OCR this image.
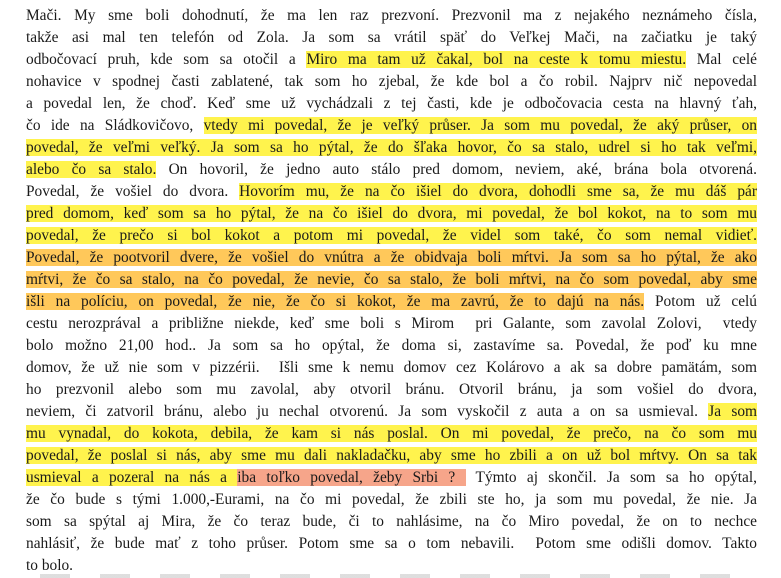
Mači. My sme boli dohodnutí, že ma len raz prezvoní. Prezvonil ma z nejakého neznámeho čísla,
takže asi mal ten telefón od Zola. Ja som sa vrátil späť do Veľkej Mači, na začiatku je taký
odbočovací pruh, kde som sa otočil a Miro ma tam už čakal, bol na ceste k tomu miestu. Mal celé
nohavice v spodnej časti zablatené, tak som ho zjebal, že kde bol a čo robil. Najprv nič nepovedal
a povedal len, že choď. Keď sme už vychádzali z tej časti, kde je odbočovacia cesta na hlavný ťah,
čo ide na Sládkovičovo, vtedy mi povedal, že je veľký průser. Ja som mu povedal, že aký průser, on
povedal, že veľmi veľký. Ja som sa ho pýtal, že do šľaka hovor, čo sa stalo, udrel si ho tak veľmi,
alebo čo sa stalo. On hovoril, že jedno auto stálo pred domom, neviem, aké, brána bola otvorená.
Povedal, že vošiel do dvora. Hovorím mu, že na čo išiel do dvora, dohodli sme sa, že mu dáš pár
pred domom, keď som sa ho pýtal, že na čo išiel do dvora, mi povedal, že bol kokot, na to som mu
povedal, že prečo si bol kokot a potom mi povedal, že videl som také, čo som nemal vidieť.
Povedal, že pootvoril dvere, že vošiel do vnútra a že obidvaja boli mŕtvi. Ja som sa ho pýtal, že ako
mŕtvi, že čo sa stalo, na čo povedal, že nevie, čo sa stalo, že boli mŕtvi, na čo som povedal, aby sme
išli na políciu, on povedal, že nie, že čo si kokot, že ma zavrú, že to dajú na nás. Potom už celú
cestu nerozprával a približne niekde, keď sme boli s Mirom  pri Galante, som zavolal Zolovi,  vtedy
bolo možno 21,00 hod.. Ja som sa ho opýtal, že doma si, zastavíme sa. Povedal, že poď ku mne
domov, že už nie som v pizzérii.  Išli sme k nemu domov cez Kolárovo a ak sa dobre pamätám, som
ho prezvonil alebo som mu zavolal, aby otvoril bránu. Otvoril bránu, ja som vošiel do dvora,
neviem, či zatvoril bránu, alebo ju nechal otvorenú. Ja som vyskočil z auta a on sa usmieval. Ja som
mu vynadal, do kokota, debila, že kam si nás poslal. On mi povedal, že prečo, na čo som mu
povedal, že poslal si nás, aby sme mu dali nakladačku, aby sme ho zbili a on už bol mŕtvy. On sa tak
usmieval a pozeral na nás a iba toľko povedal, žeby Srbi ?  Týmto aj skončil. Ja som sa ho opýtal,
že čo bude s tými 1.000,-Eurami, na čo mi povedal, že zbili ste ho, ja som mu povedal, že nie. Ja
som sa spýtal aj Mira, že čo teraz bude, či to nahlásime, na čo Miro povedal, že on to nechce
nahlásiť, že bude mať z toho průser. Potom sme sa o tom nebavili.  Potom sme odišli domov. Takto
to bolo.
